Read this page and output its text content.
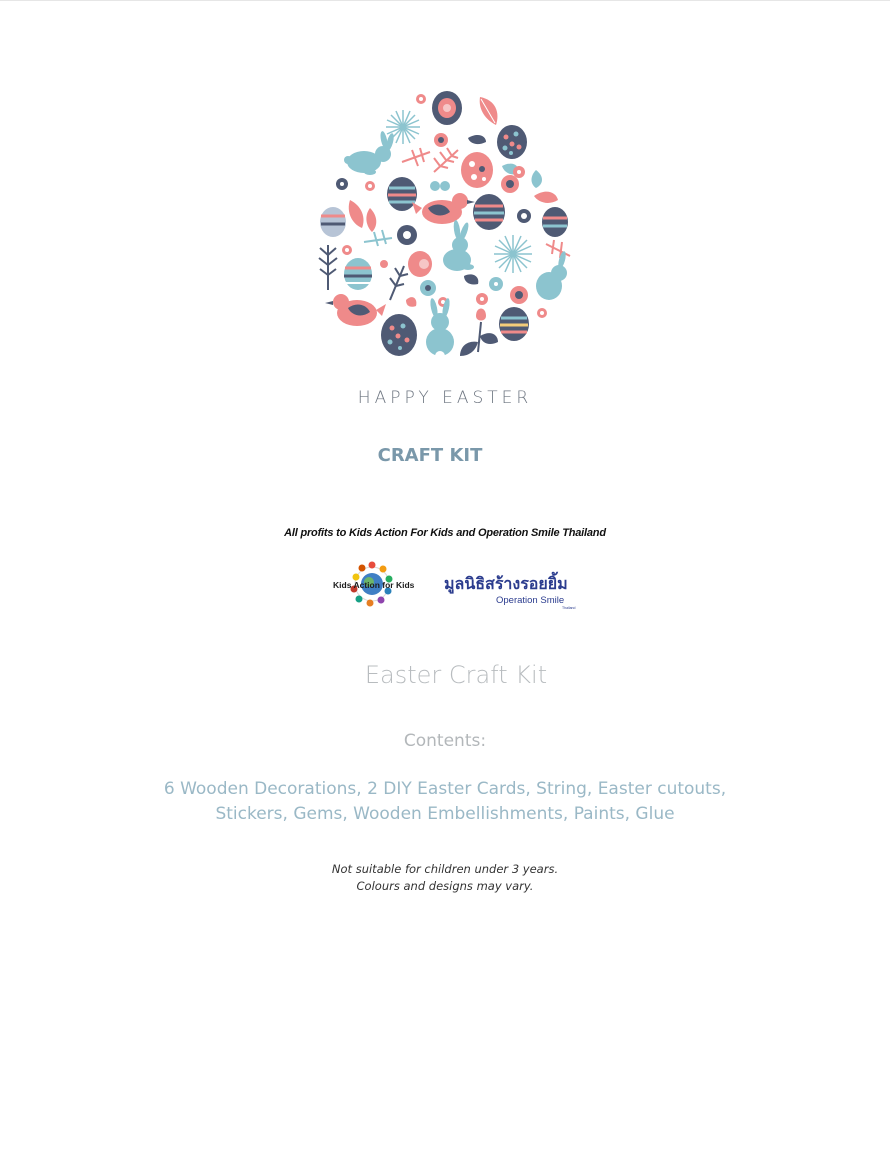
HAPPY EASTER
CRAFT KIT
All profits to Kids Action For Kids and Operation Smile Thailand
Kids Action for Kids มูลนิธิสร้างรอยยิ้ม
Operation Smile
Thailand
Easter Craft Kit
Contents:
6 Wooden Decorations, 2 DIY Easter Cards, String, Easter cutouts,
Stickers, Gems, Wooden Embellishments, Paints, Glue
Not suitable for children under 3 years.
Colours and designs may vary.
